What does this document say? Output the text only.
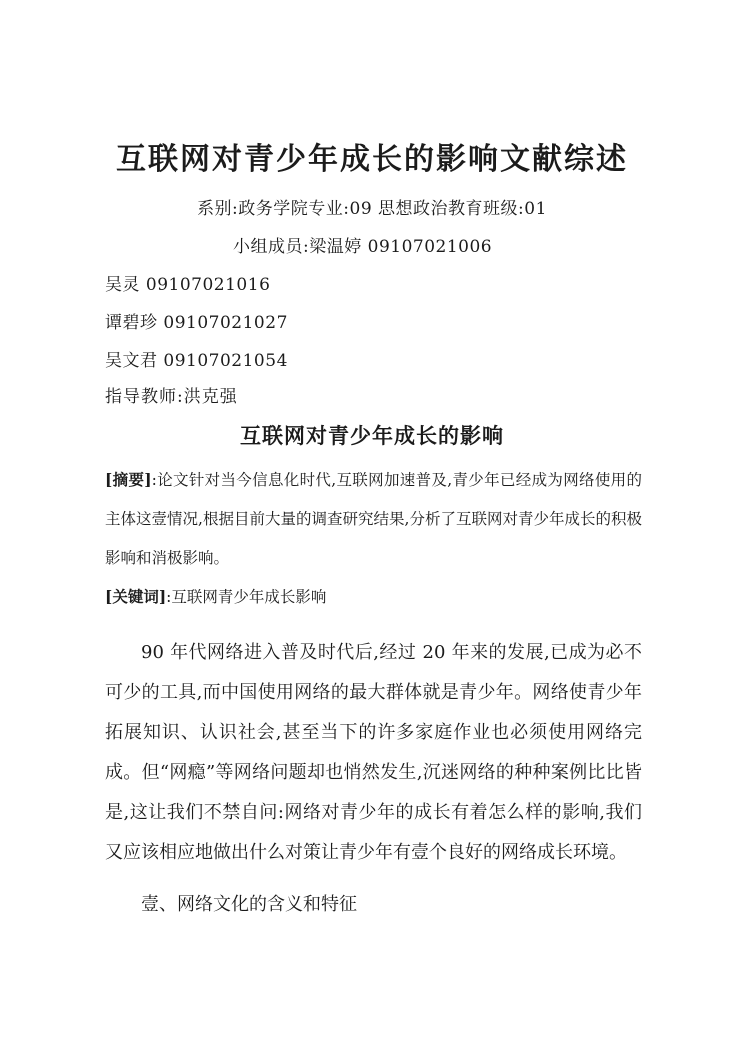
互联网对青少年成长的影响文献综述
系别:政务学院专业:09 思想政治教育班级:01
小组成员:梁温婷 09107021006
吴灵 09107021016
谭碧珍 09107021027
吴文君 09107021054
指导教师:洪克强
互联网对青少年成长的影响

[摘要]:论文针对当今信息化时代,互联网加速普及,青少年已经成为网络使用的主体这壹情况,根据目前大量的调查研究结果,分析了互联网对青少年成长的积极影响和消极影响。

[关键词]:互联网青少年成长影响

90 年代网络进入普及时代后,经过 20 年来的发展,已成为必不可少的工具,而中国使用网络的最大群体就是青少年。网络使青少年拓展知识、认识社会,甚至当下的许多家庭作业也必须使用网络完成。但“网瘾”等网络问题却也悄然发生,沉迷网络的种种案例比比皆是,这让我们不禁自问:网络对青少年的成长有着怎么样的影响,我们又应该相应地做出什么对策让青少年有壹个良好的网络成长环境。

壹、网络文化的含义和特征
